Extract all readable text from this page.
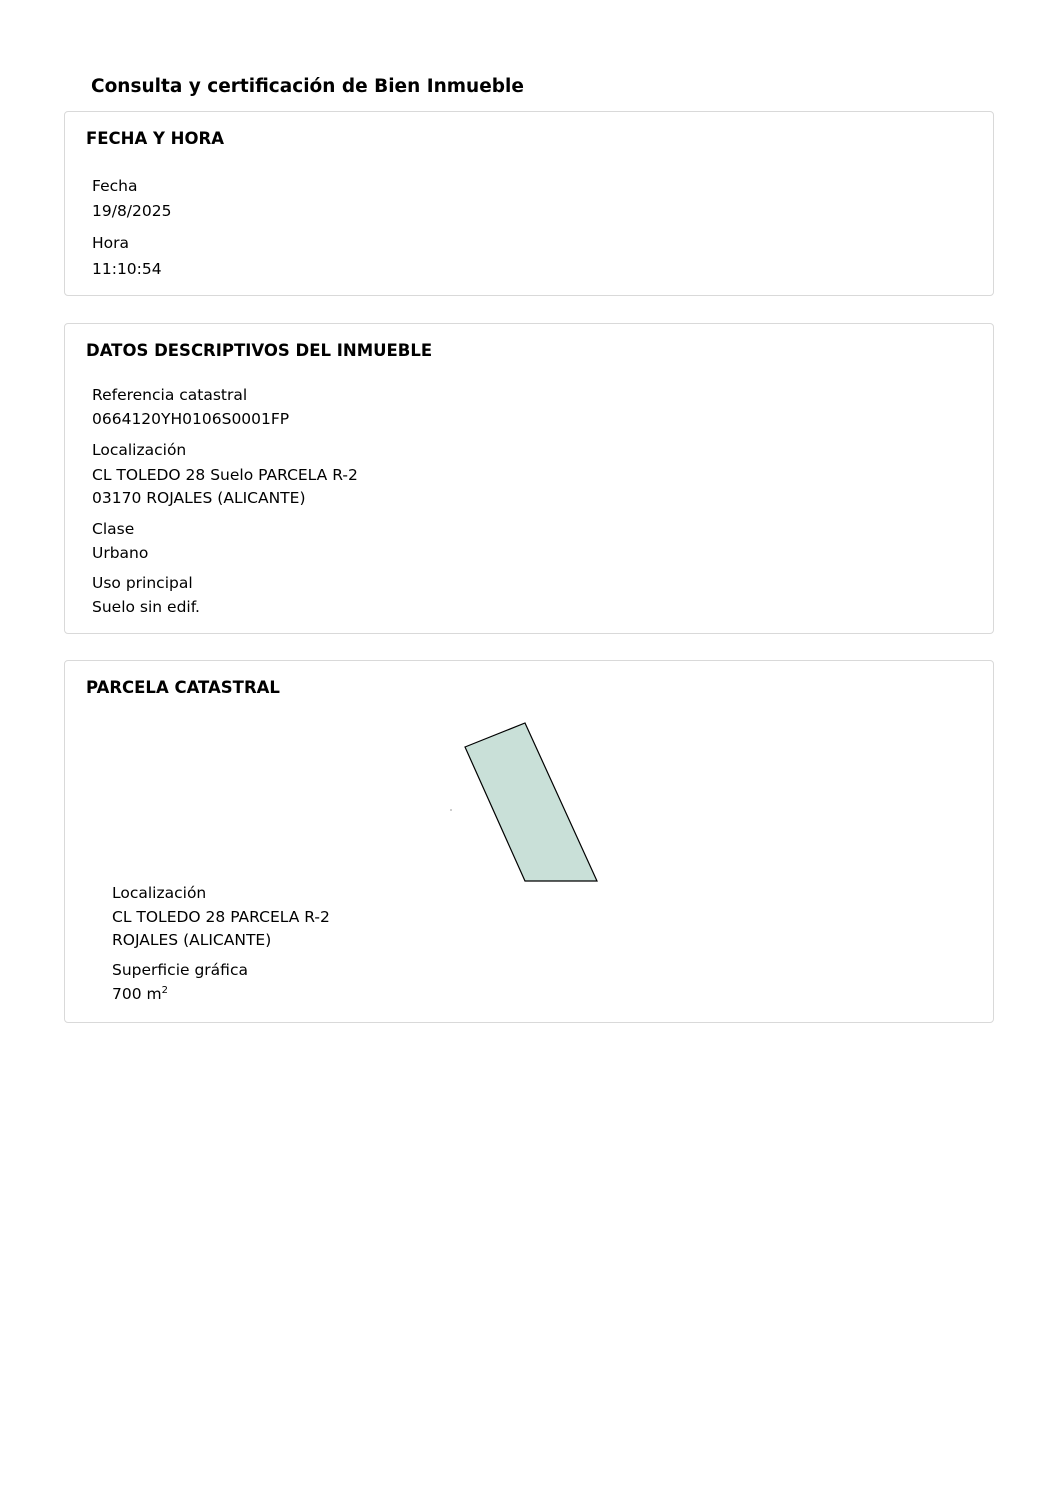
Consulta y certificación de Bien Inmueble
FECHA Y HORA
Fecha
19/8/2025
Hora
11:10:54
DATOS DESCRIPTIVOS DEL INMUEBLE
Referencia catastral
0664120YH0106S0001FP
Localización
CL TOLEDO 28 Suelo PARCELA R-2
03170 ROJALES (ALICANTE)
Clase
Urbano
Uso principal
Suelo sin edif.
PARCELA CATASTRAL
Localización
CL TOLEDO 28 PARCELA R-2
ROJALES (ALICANTE)
Superficie gráfica
700 $m^2$
